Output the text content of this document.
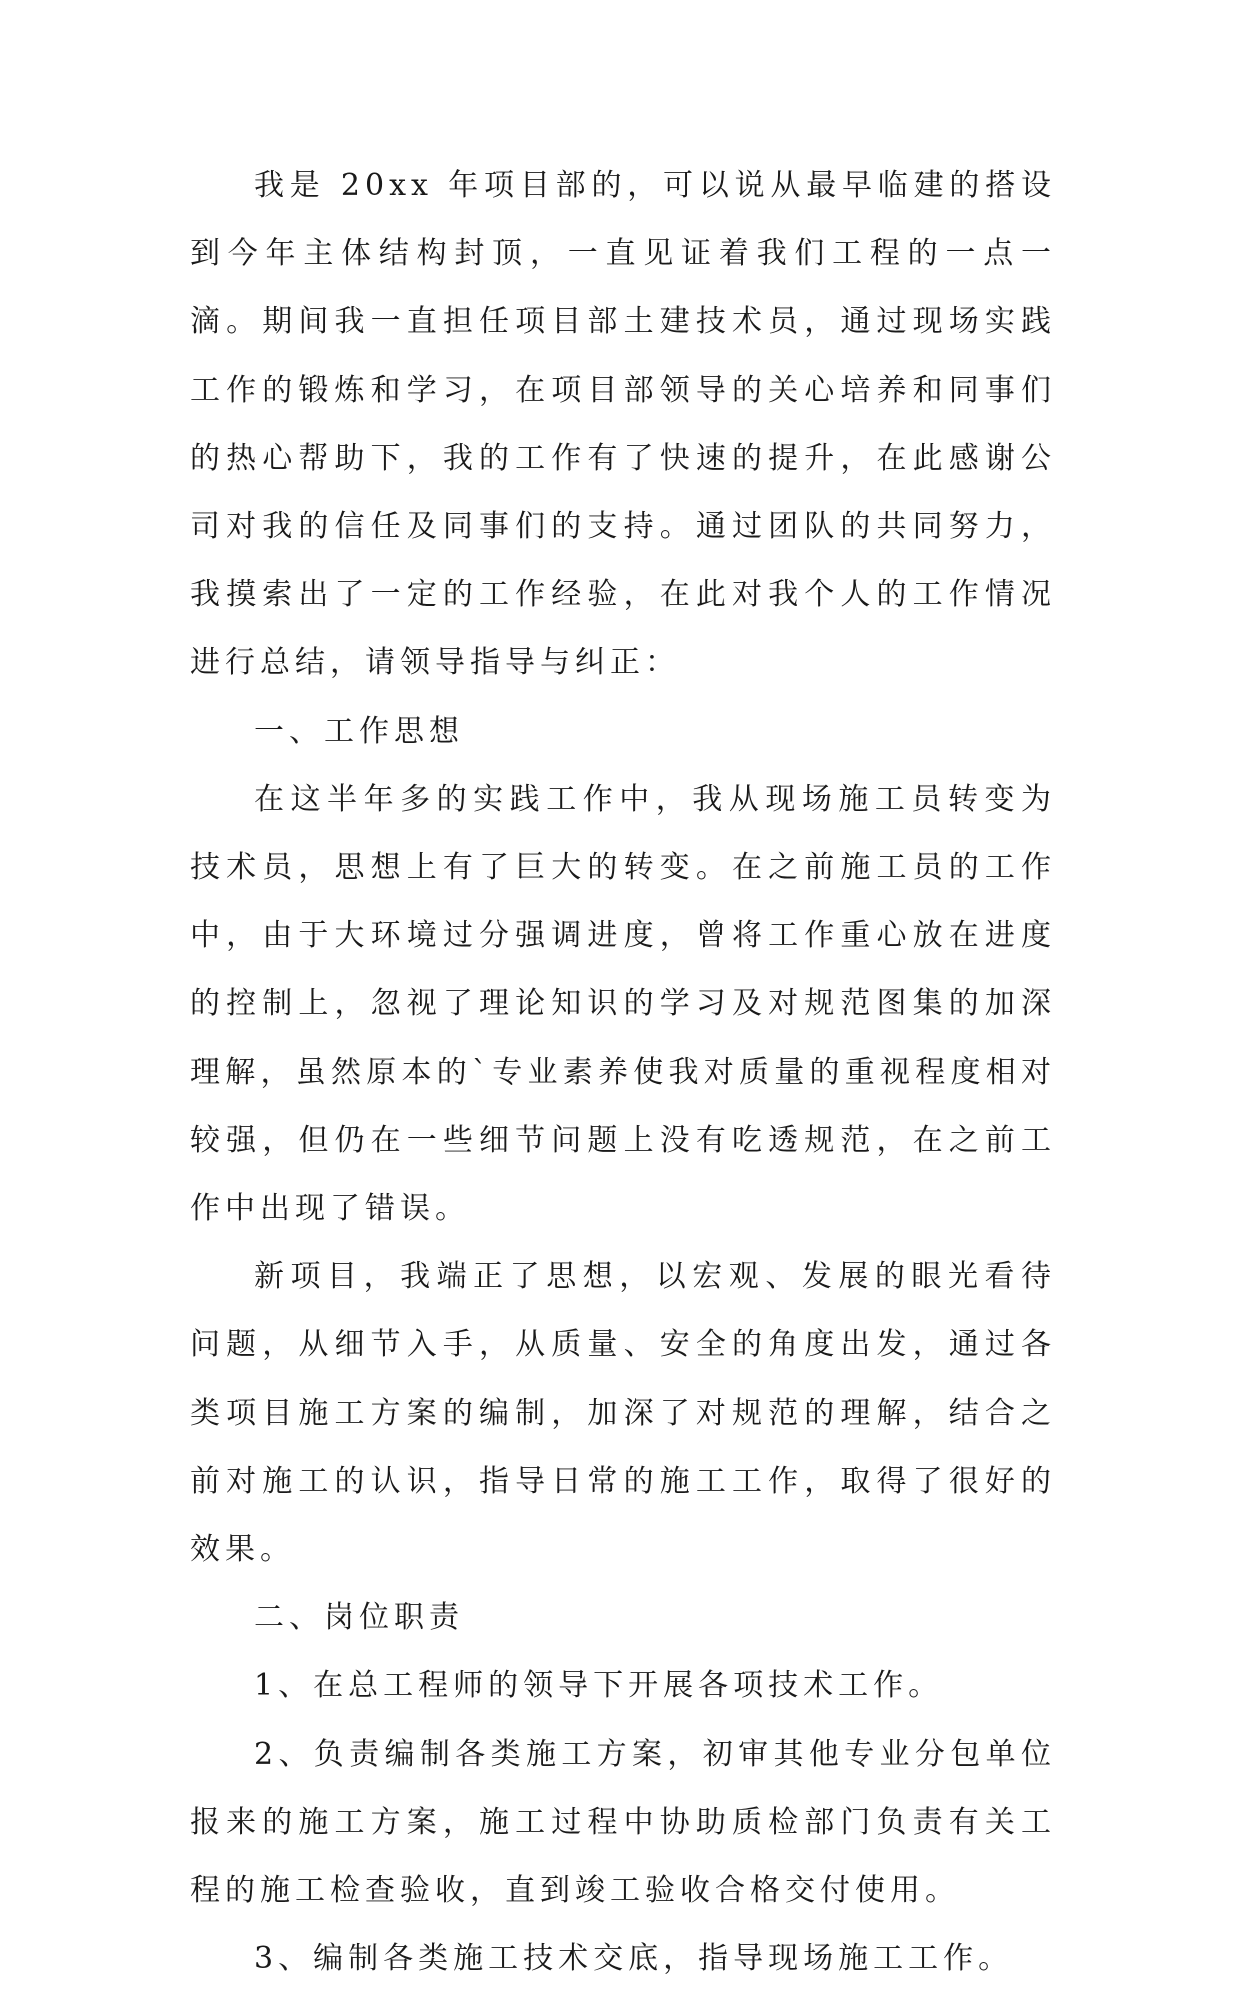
我是 20xx 年项目部的，可以说从最早临建的搭设到今年主体结构封顶，一直见证着我们工程的一点一滴。期间我一直担任项目部土建技术员，通过现场实践工作的锻炼和学习，在项目部领导的关心培养和同事们的热心帮助下，我的工作有了快速的提升，在此感谢公司对我的信任及同事们的支持。通过团队的共同努力，我摸索出了一定的工作经验，在此对我个人的工作情况进行总结，请领导指导与纠正：

一、工作思想

在这半年多的实践工作中，我从现场施工员转变为技术员，思想上有了巨大的转变。在之前施工员的工作中，由于大环境过分强调进度，曾将工作重心放在进度的控制上，忽视了理论知识的学习及对规范图集的加深理解，虽然原本的`专业素养使我对质量的重视程度相对较强，但仍在一些细节问题上没有吃透规范，在之前工作中出现了错误。

新项目，我端正了思想，以宏观、发展的眼光看待问题，从细节入手，从质量、安全的角度出发，通过各类项目施工方案的编制，加深了对规范的理解，结合之前对施工的认识，指导日常的施工工作，取得了很好的效果。

二、岗位职责

1、在总工程师的领导下开展各项技术工作。

2、负责编制各类施工方案，初审其他专业分包单位报来的施工方案，施工过程中协助质检部门负责有关工程的施工检查验收，直到竣工验收合格交付使用。

3、编制各类施工技术交底，指导现场施工工作。
